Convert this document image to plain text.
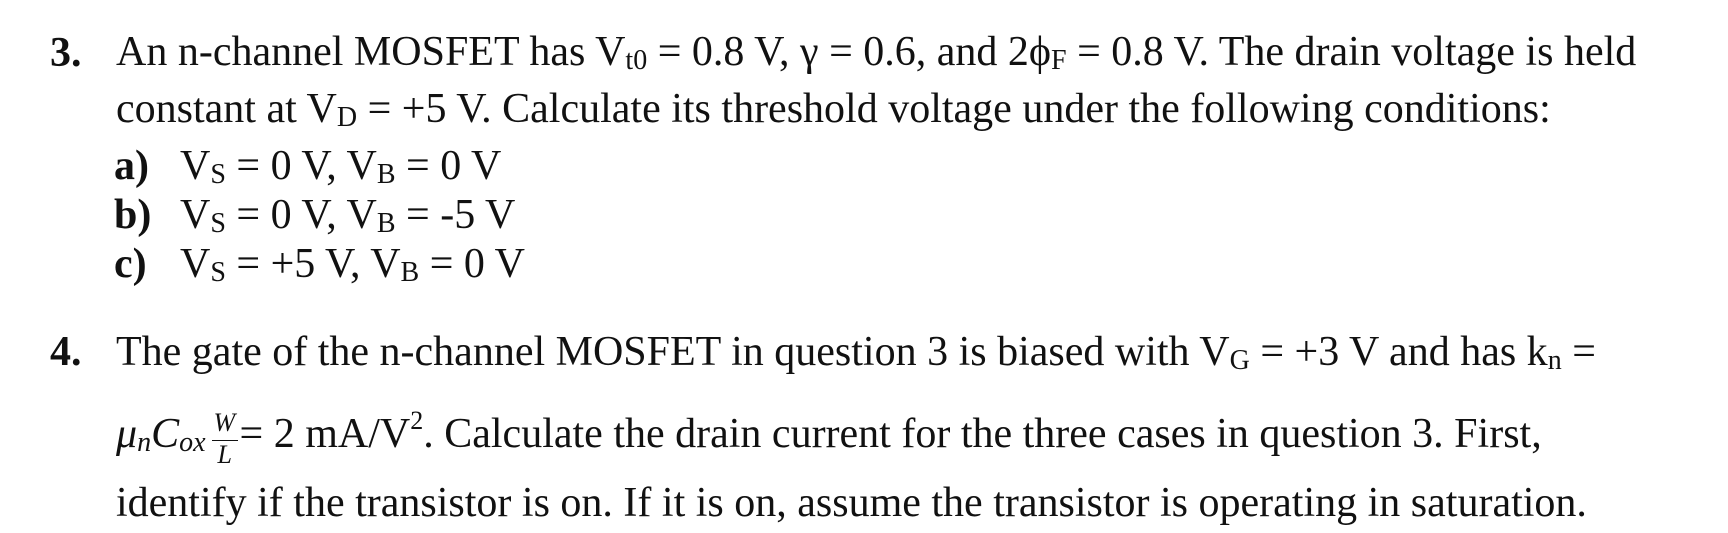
3. An n-channel MOSFET has Vt0 = 0.8 V, γ = 0.6, and 2ϕF = 0.8 V. The drain voltage is held
constant at VD = +5 V. Calculate its threshold voltage under the following conditions:
a) VS = 0 V, VB = 0 V
b) VS = 0 V, VB = -5 V
c) VS = +5 V, VB = 0 V
4. The gate of the n-channel MOSFET in question 3 is biased with VG = +3 V and has kn =
μnCox $\frac{W}{L} = 2$ $mA/V^2$. Calculate the drain current for the three cases in question 3. First,
identify if the transistor is on. If it is on, assume the transistor is operating in saturation.
